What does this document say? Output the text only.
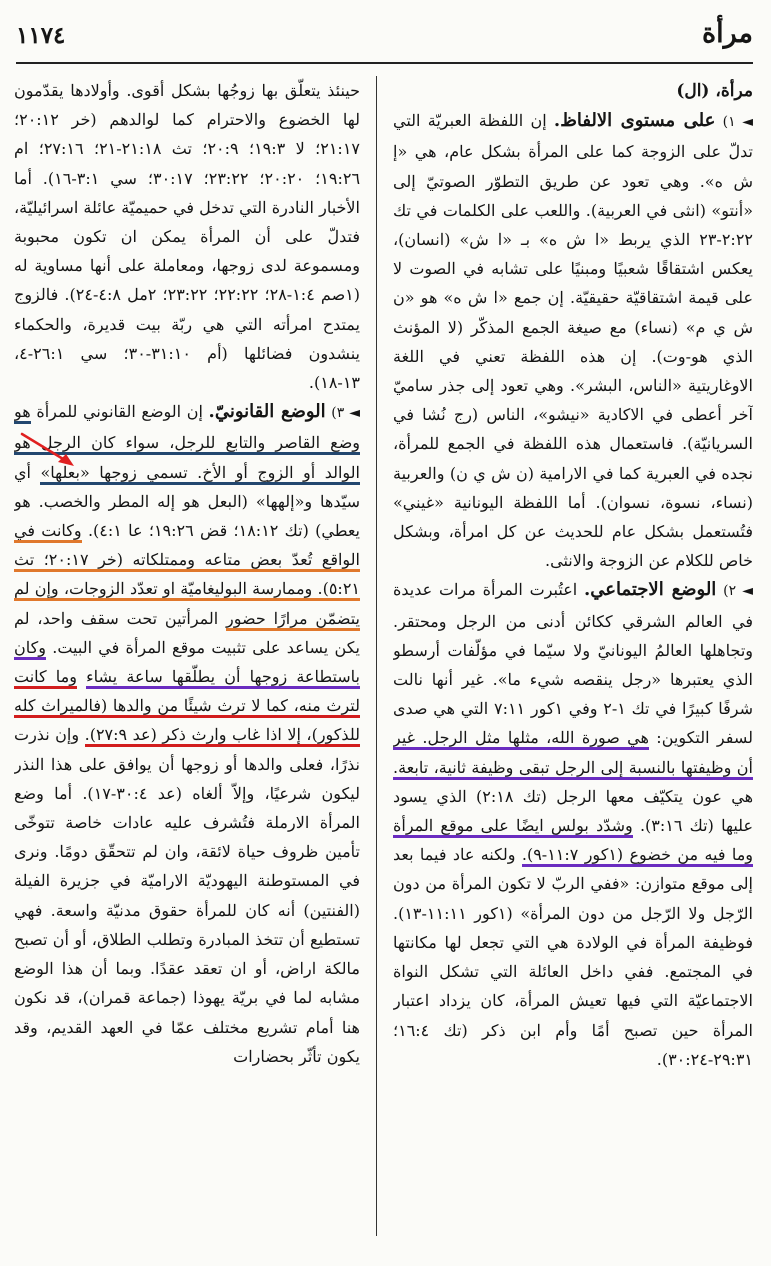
مرأة
١١٧٤

مرأة، (ال)

◄ ١) على مستوى الالفاظ. إن اللفظة العبريّة التي تدلّ على الزوجة كما على المرأة بشكل عام، هي «إ ش ه». وهي تعود عن طريق التطوّر الصوتيّ إلى «أنتو» (انثى في العربية). واللعب على الكلمات في تك ٢:٢٢-٢٣ الذي يربط «ا ش ه» بـ «ا ش» (انسان)، يعكس اشتقاقًا شعبيًا ومبنيًا على تشابه في الصوت لا على قيمة اشتقاقيّة حقيقيّة. إن جمع «ا ش ه» هو «ن ش ي م» (نساء) مع صيغة الجمع المذكّر (لا المؤنث الذي هو-وت). إن هذه اللفظة تعني في اللغة الاوغاريتية «الناس، البشر». وهي تعود إلى جذر ساميّ آخر أعطى في الاكادية «نيشو»، الناس (رج نُشا في السريانيّة). فاستعمال هذه اللفظة في الجمع للمرأة، نجده في العبرية كما في الارامية (ن ش ي ن) والعربية (نساء، نسوة، نسوان). أما اللفظة اليونانية «غيني» فتُستعمل بشكل عام للحديث عن كل امرأة، وبشكل خاص للكلام عن الزوجة والانثى.

◄ ٢) الوضع الاجتماعي. اعتُبرت المرأة مرات عديدة في العالم الشرقي ككائن أدنى من الرجل ومحتقر. وتجاهلها العالمُ اليونانيّ ولا سيّما في مؤلّفات أرسطو الذي يعتبرها «رجل ينقصه شيء ما». غير أنها نالت شرفًا كبيرًا في تك ١-٢ وفي ١كور ٧:١١ التي هي صدى لسفر التكوين: هي صورة الله، مثلها مثل الرجل. غير أن وظيفتها بالنسبة إلى الرجل تبقى وظيفة ثانية، تابعة. هي عون يتكيّف معها الرجل (تك ٢:١٨) الذي يسود عليها (تك ٣:١٦). وشدّد بولس ايضًا على موقع المرأة وما فيه من خضوع (١كور ١١:٧-٩). ولكنه عاد فيما بعد إلى موقع متوازن: «ففي الربّ لا تكون المرأة من دون الرّجل ولا الرّجل من دون المرأة» (١كور ١١:١١-١٣). فوظيفة المرأة في الولادة هي التي تجعل لها مكانتها في المجتمع. ففي داخل العائلة التي تشكل النواة الاجتماعيّة التي فيها تعيش المرأة، كان يزداد اعتبار المرأة حين تصبح أمًا وأم ابن ذكر (تك ١٦:٤؛ ٢٩:٣١-٣٠:٢٤).

حينئذ يتعلّق بها زوجُها بشكل أقوى. وأولادها يقدّمون لها الخضوع والاحترام كما لوالدهم (خر ٢٠:١٢؛ ٢١:١٧؛ لا ١٩:٣؛ ٢٠:٩؛ تث ٢١:١٨-٢١؛ ٢٧:١٦؛ ام ١٩:٢٦؛ ٢٠:٢٠؛ ٢٣:٢٢؛ ٣٠:١٧؛ سي ٣:١-١٦). أما الأخبار النادرة التي تدخل في حميميّة عائلة اسرائيليّة، فتدلّ على أن المرأة يمكن ان تكون محبوبة ومسموعة لدى زوجها، ومعاملة على أنها مساوية له (١صم ١:٤-٢٨؛ ٢٢:٢٢؛ ٢٣:٢٢؛ ٢مل ٤:٨-٢٤). فالزوج يمتدح امرأته التي هي ربّة بيت قديرة، والحكماء ينشدون فضائلها (أم ٣١:١٠-٣٠؛ سي ٢٦:١-٤، ١٣-١٨).

◄ ٣) الوضع القانونيّ. إن الوضع القانوني للمرأة هو وضع القاصر والتابع للرجل، سواء كان الرجل هو الوالد أو الزوج أو الأخ. تسمي زوجها «بعلها» أي سيّدها و«إلهها» (البعل هو إله المطر والخصب. هو يعطي) (تك ١٨:١٢؛ قض ١٩:٢٦؛ عا ٤:١). وكانت في الواقع تُعدّ بعض متاعه وممتلكاته (خر ٢٠:١٧؛ تث ٥:٢١). وممارسة البوليغاميّة او تعدّد الزوجات، وإن لم يتضمّن مرارًا حضور المرأتين تحت سقف واحد، لم يكن يساعد على تثبيت موقع المرأة في البيت. وكان باستطاعة زوجها أن يطلّقها ساعة يشاء وما كانت لترث منه، كما لا ترث شيئًا من والدها (فالميراث كله للذكور)، إلا اذا غاب وارث ذكر (عد ٢٧:٩). وإن نذرت نذرًا، فعلى والدها أو زوجها أن يوافق على هذا النذر ليكون شرعيًا، وإلاّ ألغاه (عد ٣٠:٤-١٧). أما وضع المرأة الارملة فتُشرف عليه عادات خاصة تتوخّى تأمين ظروف حياة لائقة، وان لم تتحقّق دومًا. ونرى في المستوطنة اليهوديّة الاراميّة في جزيرة الفيلة (الفنتين) أنه كان للمرأة حقوق مدنيّة واسعة. فهي تستطيع أن تتخذ المبادرة وتطلب الطلاق، أو أن تصبح مالكة اراض، أو ان تعقد عقدًا. وبما أن هذا الوضع مشابه لما في بريّة يهوذا (جماعة قمران)، قد نكون هنا أمام تشريع مختلف عمّا في العهد القديم، وقد يكون تأثّر بحضارات
